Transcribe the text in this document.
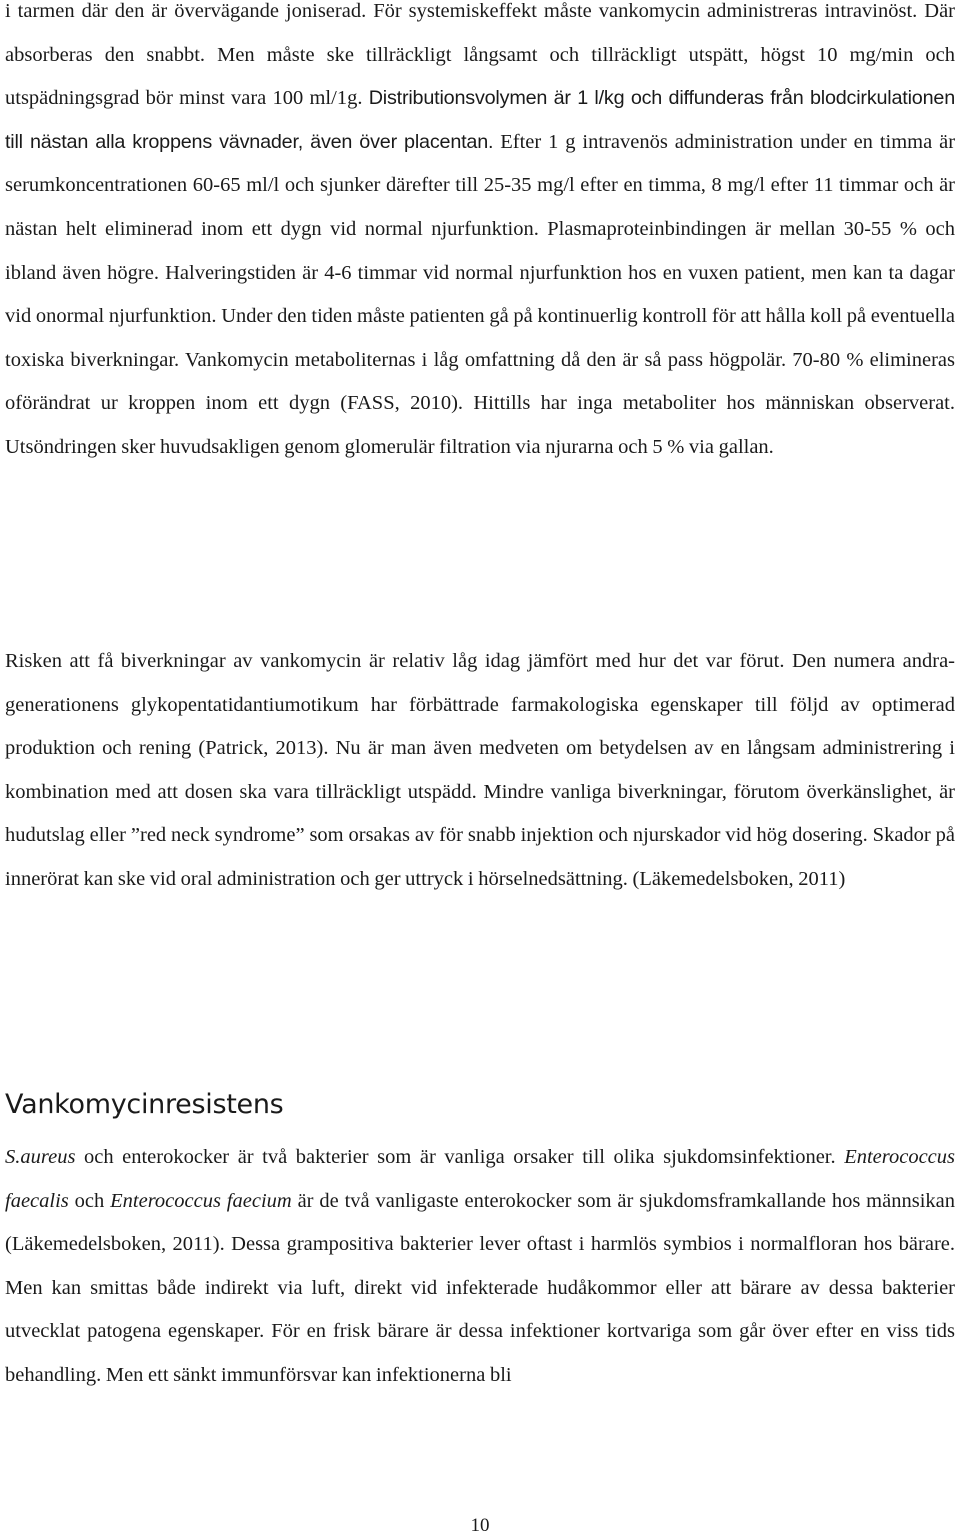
i tarmen där den är övervägande joniserad. För systemiskeffekt måste vankomycin administreras intravinöst. Där absorberas den snabbt. Men måste ske tillräckligt långsamt och tillräckligt utspätt, högst 10 mg/min och utspädningsgrad bör minst vara 100 ml/1g. Distributionsvolymen är 1 l/kg och diffunderas från blodcirkulationen till nästan alla kroppens vävnader, även över placentan. Efter 1 g intravenös administration under en timma är serumkoncentrationen 60-65 ml/l och sjunker därefter till 25-35 mg/l efter en timma, 8 mg/l efter 11 timmar och är nästan helt eliminerad inom ett dygn vid normal njurfunktion. Plasmaproteinbindingen är mellan 30-55 % och ibland även högre. Halveringstiden är 4-6 timmar vid normal njurfunktion hos en vuxen patient, men kan ta dagar vid onormal njurfunktion. Under den tiden måste patienten gå på kontinuerlig kontroll för att hålla koll på eventuella toxiska biverkningar. Vankomycin metaboliternas i låg omfattning då den är så pass högpolär. 70-80 % elimineras oförändrat ur kroppen inom ett dygn (FASS, 2010). Hittills har inga metaboliter hos människan observerat. Utsöndringen sker huvudsakligen genom glomerulär filtration via njurarna och 5 % via gallan.

Risken att få biverkningar av vankomycin är relativ låg idag jämfört med hur det var förut. Den numera andra-generationens glykopentatidantiumotikum har förbättrade farmakologiska egenskaper till följd av optimerad produktion och rening (Patrick, 2013). Nu är man även medveten om betydelsen av en långsam administrering i kombination med att dosen ska vara tillräckligt utspädd. Mindre vanliga biverkningar, förutom överkänslighet, är hudutslag eller ”red neck syndrome” som orsakas av för snabb injektion och njurskador vid hög dosering. Skador på innerörat kan ske vid oral administration och ger uttryck i hörselnedsättning. (Läkemedelsboken, 2011)

Vankomycinresistens

S.aureus och enterokocker är två bakterier som är vanliga orsaker till olika sjukdomsinfektioner. Enterococcus faecalis och Enterococcus faecium är de två vanligaste enterokocker som är sjukdomsframkallande hos männsikan (Läkemedelsboken, 2011). Dessa grampositiva bakterier lever oftast i harmlös symbios i normalfloran hos bärare. Men kan smittas både indirekt via luft, direkt vid infekterade hudåkommor eller att bärare av dessa bakterier utvecklat patogena egenskaper. För en frisk bärare är dessa infektioner kortvariga som går över efter en viss tids behandling. Men ett sänkt immunförsvar kan infektionerna bli

10
